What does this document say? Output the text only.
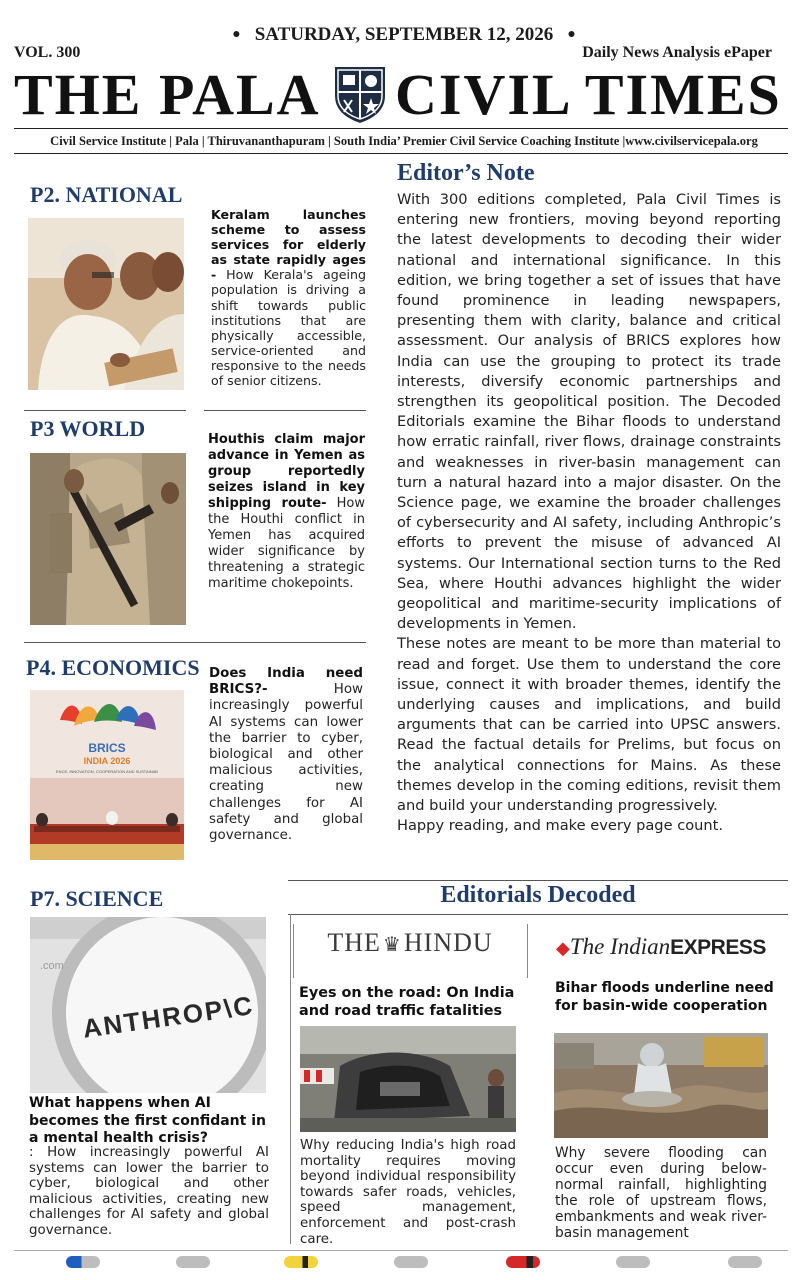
● SATURDAY, SEPTEMBER 12, 2026 ●
VOL. 300	Daily News Analysis ePaper
THE PALA CIVIL TIMES
Civil Service Institute | Pala | Thiruvananthapuram | South India’ Premier Civil Service Coaching Institute |www.civilservicepala.org
P2. NATIONAL
Keralam launches scheme to assess services for elderly as state rapidly ages - How Kerala's ageing population is driving a shift towards public institutions that are physically accessible, service-oriented and responsive to the needs of senior citizens.
P3 WORLD	Houthis claim major advance in Yemen as group reportedly seizes island in key shipping route- How the Houthi conflict in Yemen has acquired wider significance by threatening a strategic maritime chokepoints.
P4. ECONOMICS
BRICS
INDIA 2026
ENCE, INNOVATION, COOPERATION AND SUSTAINAB
Does India need BRICS?- How increasingly powerful AI systems can lower the barrier to cyber, biological and other malicious activities, creating new challenges for AI safety and global governance.
Editor’s Note

With 300 editions completed, Pala Civil Times is entering new frontiers, moving beyond reporting the latest developments to decoding their wider national and international significance. In this edition, we bring together a set of issues that have found prominence in leading newspapers, presenting them with clarity, balance and critical assessment. Our analysis of BRICS explores how India can use the grouping to protect its trade interests, diversify economic partnerships and strengthen its geopolitical position. The Decoded Editorials examine the Bihar floods to understand how erratic rainfall, river flows, drainage constraints and weaknesses in river-basin management can turn a natural hazard into a major disaster. On the Science page, we examine the broader challenges of cybersecurity and AI safety, including Anthropic’s efforts to prevent the misuse of advanced AI systems. Our International section turns to the Red Sea, where Houthi advances highlight the wider geopolitical and maritime-security implications of developments in Yemen.

These notes are meant to be more than material to read and forget. Use them to understand the core issue, connect it with broader themes, identify the underlying causes and implications, and build arguments that can be carried into UPSC answers. Read the factual details for Prelims, but focus on the analytical connections for Mains. As these themes develop in the coming editions, revisit them and build your understanding progressively.

Happy reading, and make every page count.

P7. SCIENCE
.com
ANTHROP\C
What happens when AI becomes the first confidant in a mental health crisis?
: How increasingly powerful AI systems can lower the barrier to cyber, biological and other malicious activities, creating new challenges for AI safety and global governance.
Editorials Decoded
THE ♛HINDU	◆The IndianEXPRESS
Eyes on the road: On India and road traffic fatalities
Why reducing India's high road mortality requires moving beyond individual responsibility towards safer roads, vehicles, speed management, enforcement and post-crash care.
Bihar floods underline need for basin-wide cooperation
Why severe flooding can occur even during below-normal rainfall, highlighting the role of upstream flows, embankments and weak river-basin management
